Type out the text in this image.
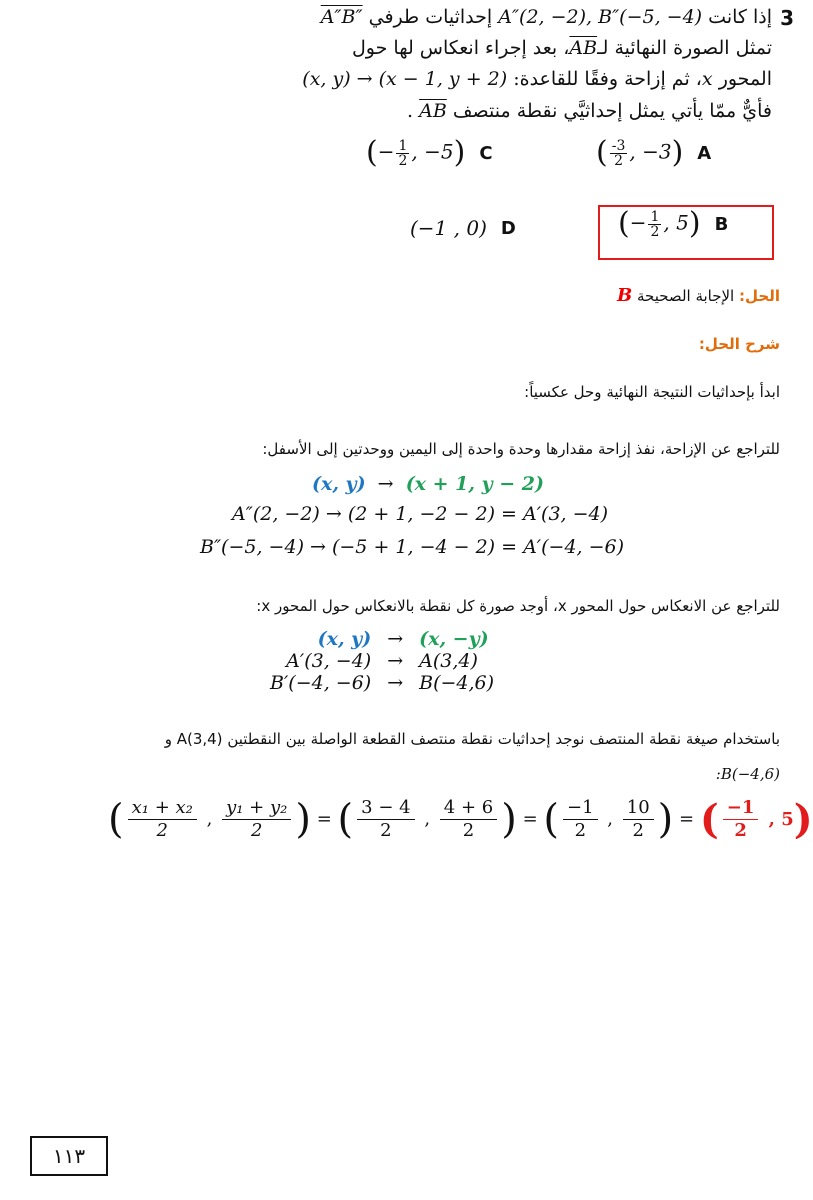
3
إذا كانت A″(2, −2), B″(−5, −4) إحداثيات طرفي A″B″
تمثل الصورة النهائية $لـ\overline{AB}،$ بعد إجراء انعكاس لها حول
المحور x، ثم إزاحة وفقًا للقاعدة: (x, y) → (x − 1, y + 2)
فأيٌّ ممّا يأتي يمثل إحداثيَّي نقطة منتصف $\overline{AB}$ .
( $\frac{-3}{2}$ , −3) A
(− $\frac{1}{2}$ , −5) C
(− $\frac{1}{2}$ , 5) B
(−1 , 0) D
الحل: الإجابة الصحيحة B
شرح الحل:
ابدأ بإحداثيات النتيجة النهائية وحل عكسياً:
للتراجع عن الإزاحة، نفذ إزاحة مقدارها وحدة واحدة إلى اليمين ووحدتين إلى الأسفل:
(x, y) → (x + 1, y − 2)
A″(2, −2) → (2 + 1, −2 − 2) = A′(3, −4)
B″(−5, −4) → (−5 + 1, −4 − 2) = A′(−4, −6)
للتراجع عن الانعكاس حول المحور x، أوجد صورة كل نقطة بالانعكاس حول المحور x:
(x, y)	→	(x, −y)
A′(3, −4)	→	A(3,4)
B′(−4, −6)	→	B(−4,6)
باستخدام صيغة نقطة المنتصف نوجد إحداثيات نقطة منتصف القطعة الواصلة بين النقطتين A(3,4) و
:B(−4,6)
( $\frac{\text{x₁ + x₂}}{2}$ , $\frac{\text{y₁ + y₂}}{2}$ ) = ( $\frac{3 - 4}{2}$ , $\frac{4 + 6}{2}$ ) = ( $\frac{-1}{2}$ , $\frac{10}{2}$ ) = ( $\frac{-1}{2}$ , 5)
١١٣
